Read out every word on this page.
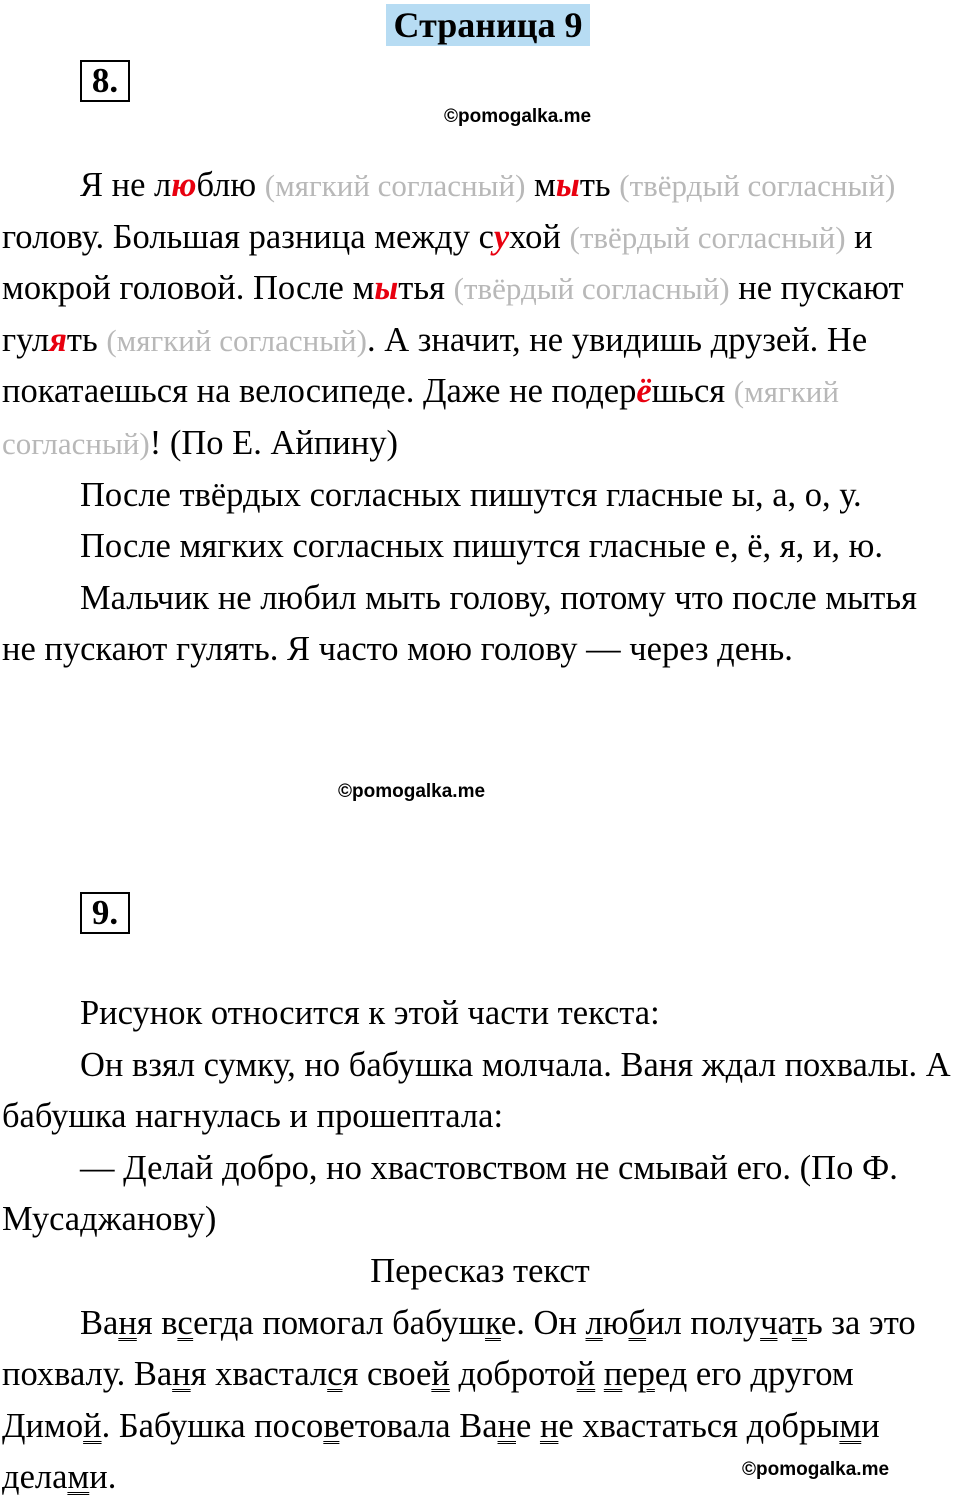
Страница 9
8.
©pomogalka.me

Я не люблю (мягкий согласный) мыть (твёрдый согласный) голову. Большая разница между сухой (твёрдый согласный) и мокрой головой. После мытья (твёрдый согласный) не пускают гулять (мягкий согласный). А значит, не увидишь друзей. Не покатаешься на велосипеде. Даже не подерёшься (мягкий согласный)! (По Е. Айпину)

После твёрдых согласных пишутся гласные ы, а, о, у.

После мягких согласных пишутся гласные е, ё, я, и, ю.

Мальчик не любил мыть голову, потому что после мытья не пускают гулять. Я часто мою голову — через день.

©pomogalka.me
9.

Рисунок относится к этой части текста:

Он взял сумку, но бабушка молчала. Ваня ждал похвалы. А бабушка нагнулась и прошептала:

— Делай добро, но хвастовством не смывай его. (По Ф. Мусаджанову)

Пересказ текст

Ваня всегда помогал бабушке. Он любил получать за это похвалу. Ваня хвастался своей добротой перед его другом Димой. Бабушка посоветовала Ване не хвастаться добрыми делами.	©pomogalka.me
